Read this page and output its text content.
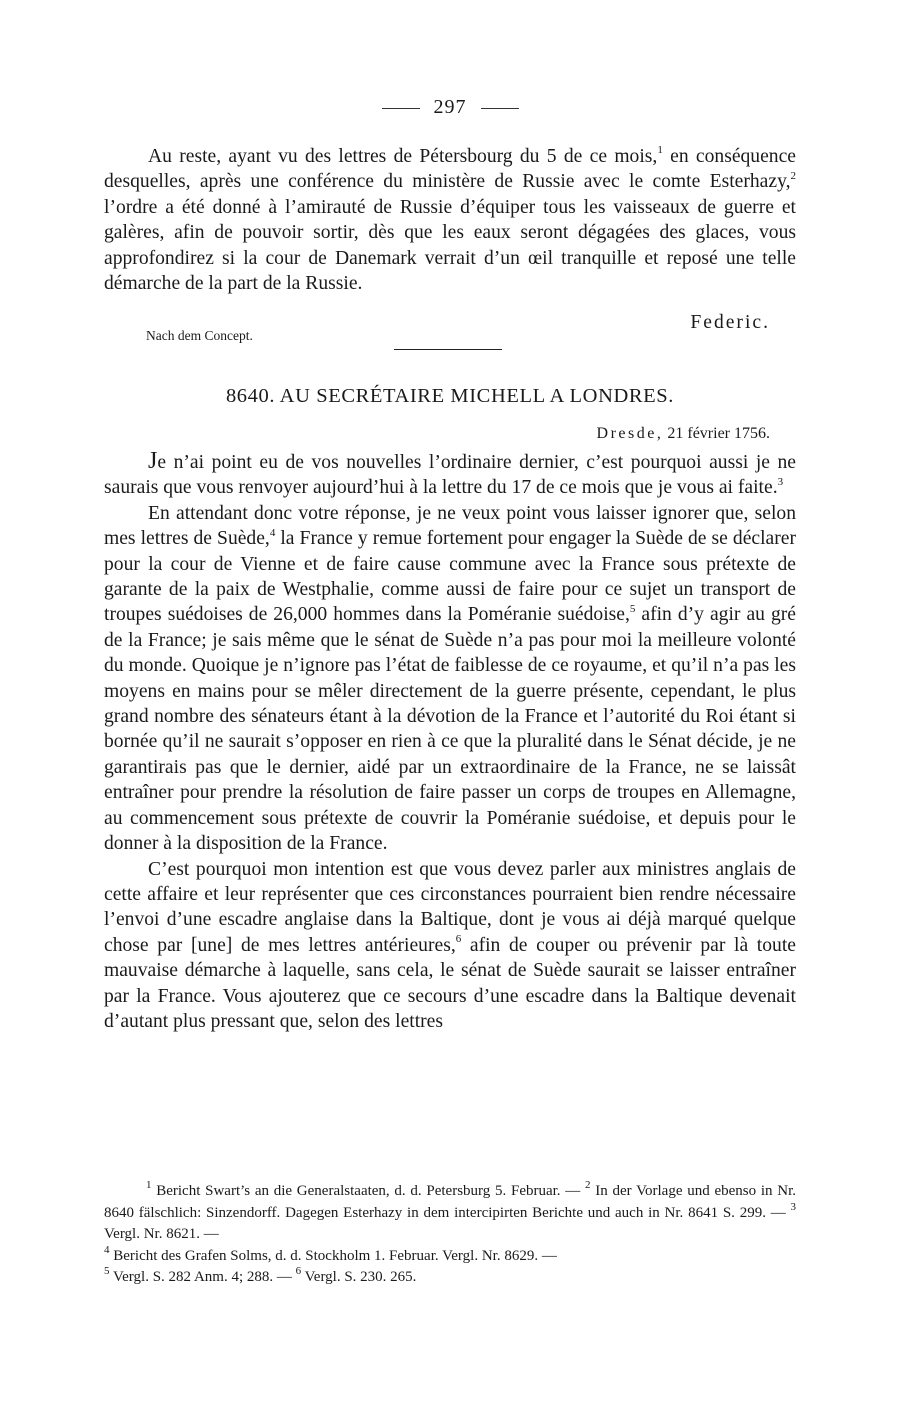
297

Au reste, ayant vu des lettres de Pétersbourg du 5 de ce mois,$^1$ en conséquence desquelles, après une conférence du ministère de Russie avec le comte Esterhazy,$^2$ l’ordre a été donné à l’amirauté de Russie d’équiper tous les vaisseaux de guerre et galères, afin de pouvoir sortir, dès que les eaux seront dégagées des glaces, vous approfondirez si la cour de Danemark verrait d’un œil tranquille et reposé une telle démarche de la part de la Russie.

Federic.
Nach dem Concept.
8640. AU SECRÉTAIRE MICHELL A LONDRES.
Dresde, 21 février 1756.

Je n’ai point eu de vos nouvelles l’ordinaire dernier, c’est pourquoi aussi je ne saurais que vous renvoyer aujourd’hui à la lettre du 17 de ce mois que je vous ai faite.$^3$

En attendant donc votre réponse, je ne veux point vous laisser ignorer que, selon mes lettres de Suède,$^4$ la France y remue fortement pour engager la Suède de se déclarer pour la cour de Vienne et de faire cause commune avec la France sous prétexte de garante de la paix de Westphalie, comme aussi de faire pour ce sujet un transport de troupes suédoises de 26,000 hommes dans la Poméranie suédoise,$^5$ afin d’y agir au gré de la France; je sais même que le sénat de Suède n’a pas pour moi la meilleure volonté du monde. Quoique je n’ignore pas l’état de faiblesse de ce royaume, et qu’il n’a pas les moyens en mains pour se mêler directement de la guerre présente, cependant, le plus grand nombre des sénateurs étant à la dévotion de la France et l’autorité du Roi étant si bornée qu’il ne saurait s’opposer en rien à ce que la pluralité dans le Sénat décide, je ne garantirais pas que le dernier, aidé par un extraordinaire de la France, ne se laissât entraîner pour prendre la résolution de faire passer un corps de troupes en Allemagne, au commencement sous prétexte de couvrir la Poméranie suédoise, et depuis pour le donner à la disposition de la France.

C’est pourquoi mon intention est que vous devez parler aux ministres anglais de cette affaire et leur représenter que ces circonstances pourraient bien rendre nécessaire l’envoi d’une escadre anglaise dans la Baltique, dont je vous ai déjà marqué quelque chose par [une] de mes lettres antérieures,$^6$ afin de couper ou prévenir par là toute mauvaise démarche à laquelle, sans cela, le sénat de Suède saurait se laisser entraîner par la France. Vous ajouterez que ce secours d’une escadre dans la Baltique devenait d’autant plus pressant que, selon des lettres

$^1$ Bericht Swart’s an die Generalstaaten, d. d. Petersburg 5. Februar. — $^2$ In der Vorlage und ebenso in Nr. 8640 fälschlich: Sinzendorff. Dagegen Esterhazy in dem intercipirten Berichte und auch in Nr. 8641 S. 299. — $^3$ Vergl. Nr. 8621. —

$^4$ Bericht des Grafen Solms, d. d. Stockholm 1. Februar. Vergl. Nr. 8629. —

$^5$ Vergl. S. 282 Anm. 4; 288. — $^6$ Vergl. S. 230. 265.
